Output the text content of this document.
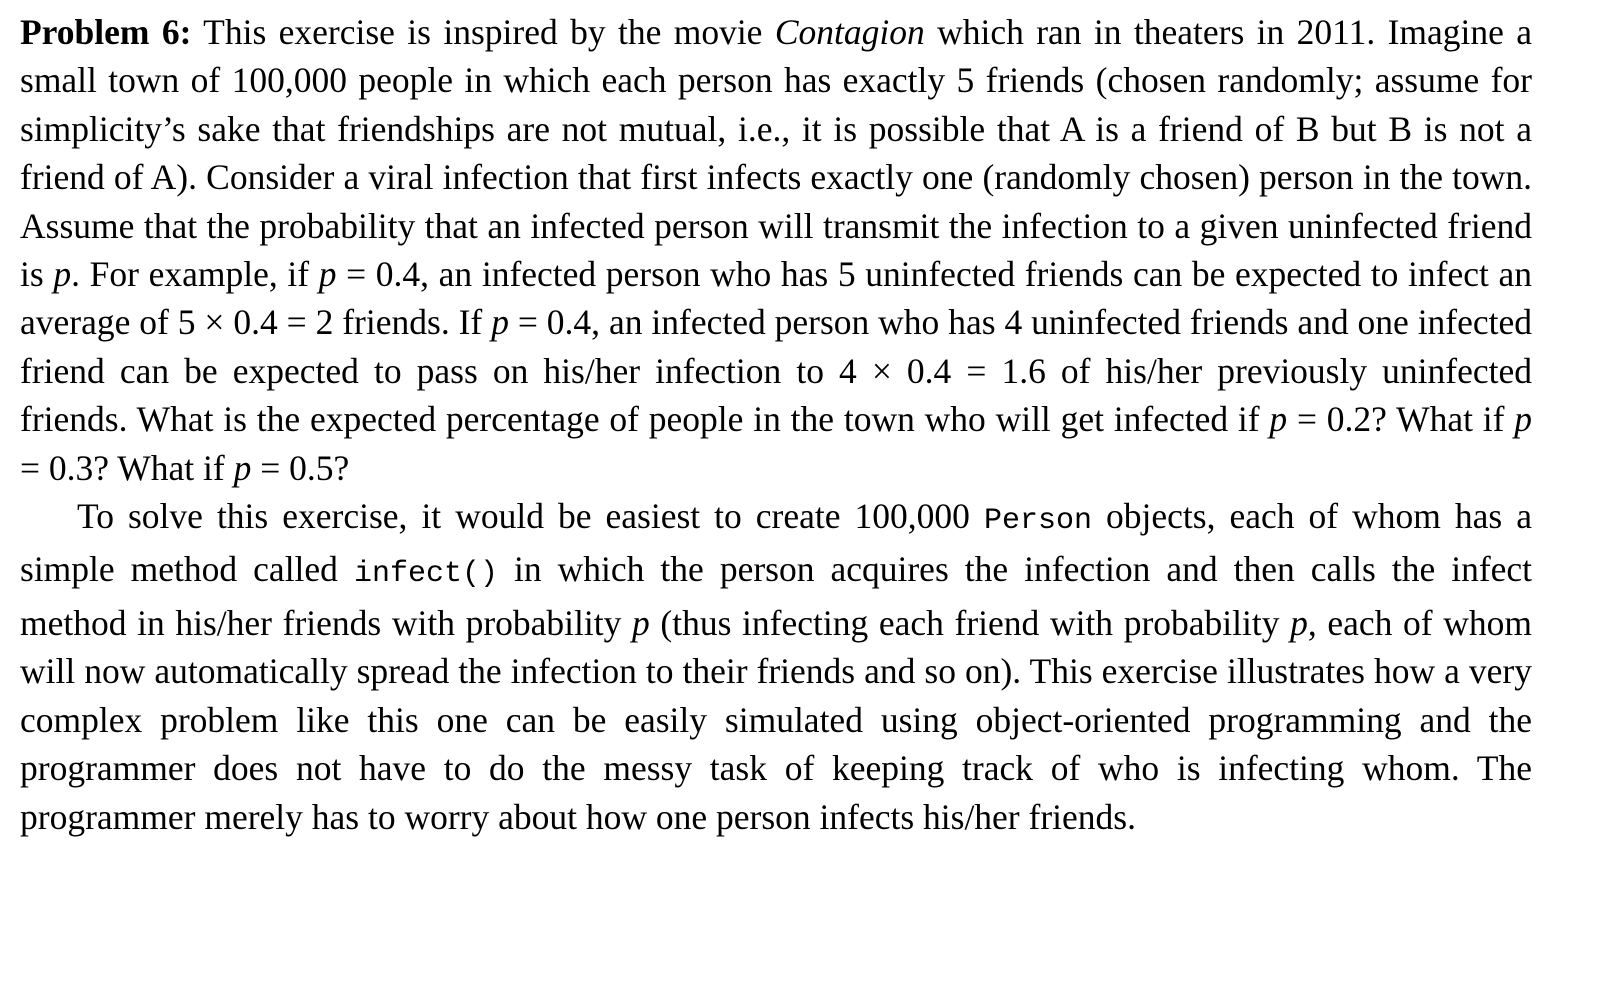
Problem 6: This exercise is inspired by the movie Contagion which ran in theaters in 2011. Imagine a small town of 100,000 people in which each person has exactly 5 friends (chosen randomly; assume for simplicity’s sake that friendships are not mutual, i.e., it is possible that A is a friend of B but B is not a friend of A). Consider a viral infection that first infects exactly one (randomly chosen) person in the town. Assume that the probability that an infected person will transmit the infection to a given uninfected friend is p. For example, if p = 0.4, an infected person who has 5 uninfected friends can be expected to infect an average of 5 × 0.4 = 2 friends. If p = 0.4, an infected person who has 4 uninfected friends and one infected friend can be expected to pass on his/her infection to 4 × 0.4 = 1.6 of his/her previously uninfected friends. What is the expected percentage of people in the town who will get infected if p = 0.2? What if p = 0.3? What if p = 0.5?

To solve this exercise, it would be easiest to create 100,000 Person objects, each of whom has a simple method called infect() in which the person acquires the infection and then calls the infect method in his/her friends with probability p (thus infecting each friend with probability p, each of whom will now automatically spread the infection to their friends and so on). This exercise illustrates how a very complex problem like this one can be easily simulated using object-oriented programming and the programmer does not have to do the messy task of keeping track of who is infecting whom. The programmer merely has to worry about how one person infects his/her friends.
